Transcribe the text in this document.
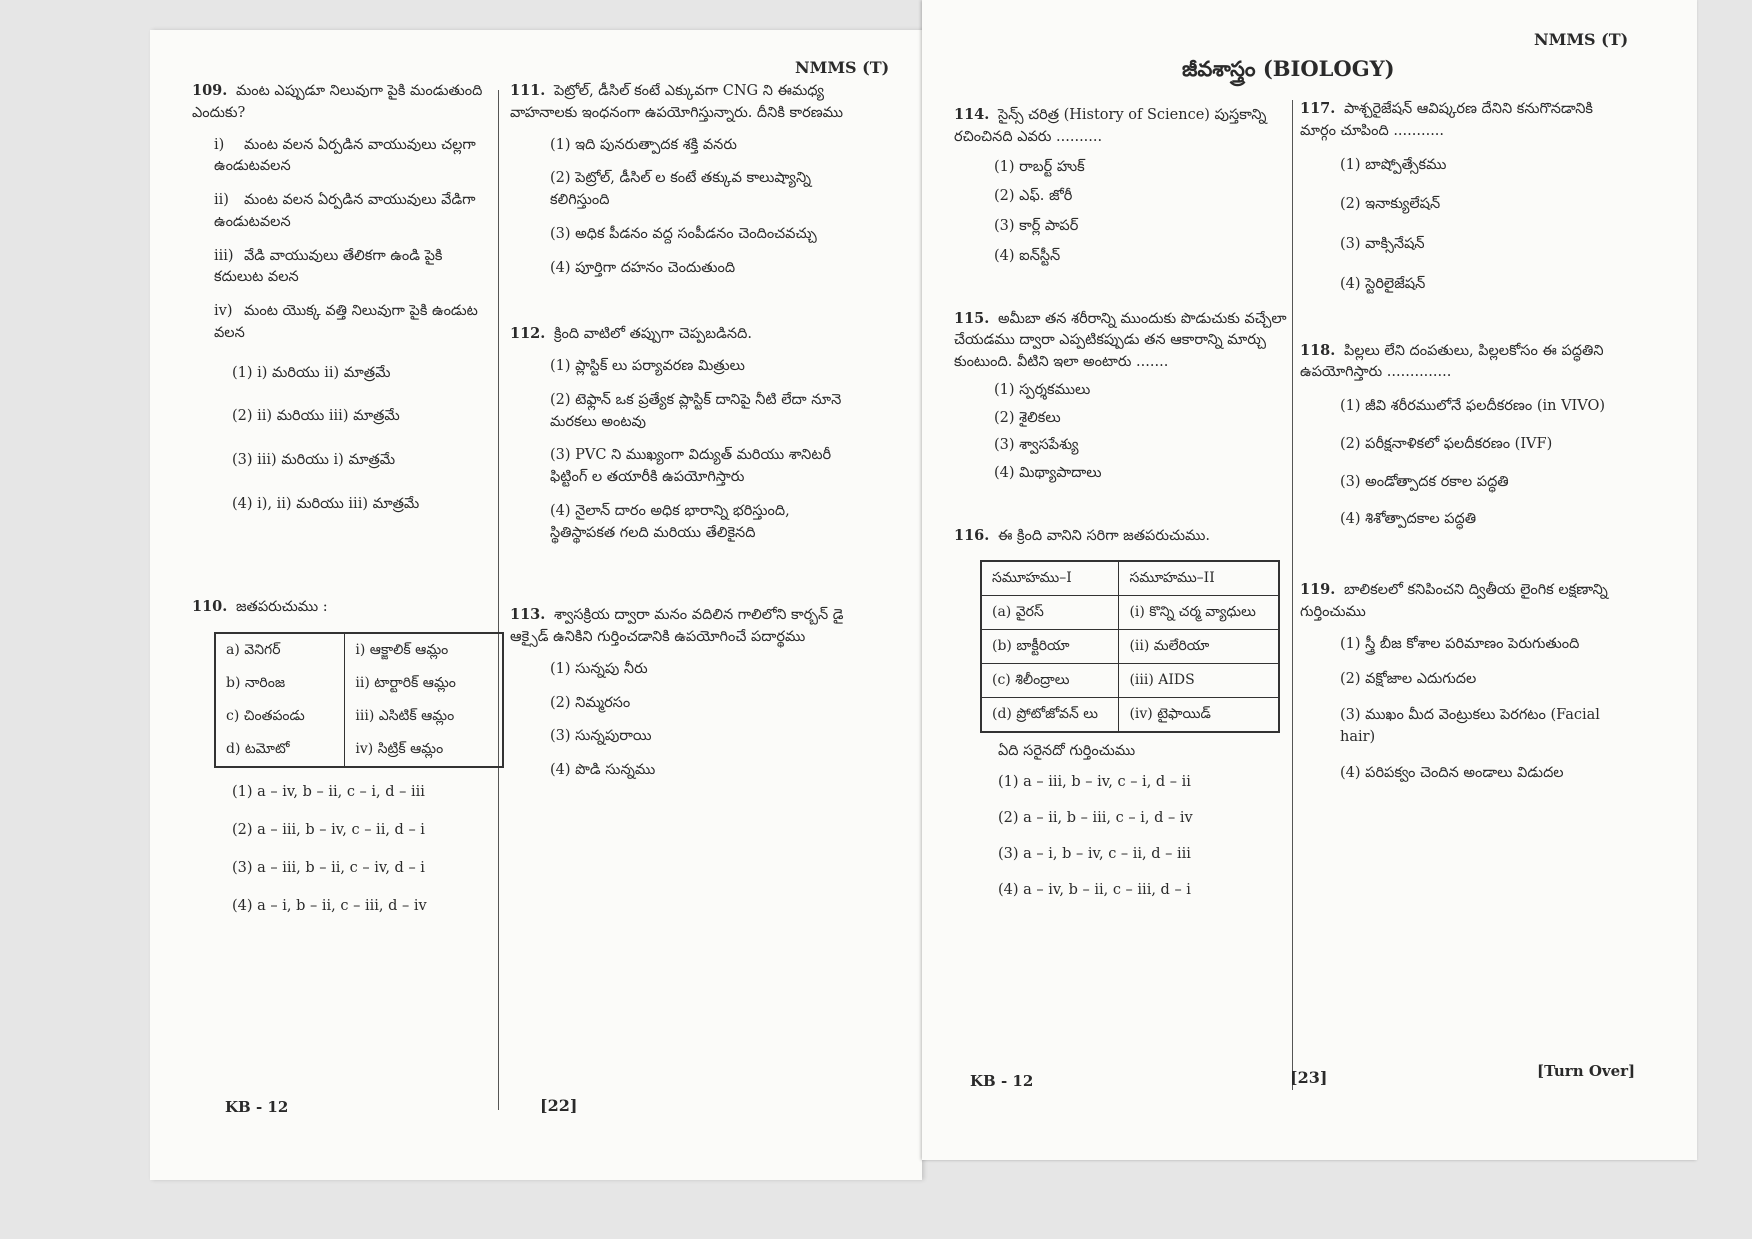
NMMS (T)
109. మంట ఎప్పుడూ నిలువుగా పైకి మండుతుంది ఎందుకు?
i) మంట వలన ఏర్పడిన వాయువులు చల్లగా ఉండుటవలన
ii) మంట వలన ఏర్పడిన వాయువులు వేడిగా ఉండుటవలన
iii) వేడి వాయువులు తేలికగా ఉండి పైకి కదులుట వలన
iv) మంట యొక్క వత్తి నిలువుగా పైకి ఉండుట వలన
(1) i) మరియు ii) మాత్రమే
(2) ii) మరియు iii) మాత్రమే
(3) iii) మరియు i) మాత్రమే
(4) i), ii) మరియు iii) మాత్రమే
110. జతపరుచుము :
a) వెనిగర్	i) ఆక్జాలిక్ ఆమ్లం
b) నారింజ	ii) టార్టారిక్ ఆమ్లం
c) చింతపండు	iii) ఎసిటిక్ ఆమ్లం
d) టమోటో	iv) సిట్రిక్ ఆమ్లం
(1) a – iv, b – ii, c – i, d – iii
(2) a – iii, b – iv, c – ii, d – i
(3) a – iii, b – ii, c – iv, d – i
(4) a – i, b – ii, c – iii, d – iv
111. పెట్రోల్, డీసిల్ కంటే ఎక్కువగా CNG ని ఈమధ్య వాహనాలకు ఇంధనంగా ఉపయోగిస్తున్నారు. దీనికి కారణము
(1) ఇది పునరుత్పాదక శక్తి వనరు
(2) పెట్రోల్, డీసిల్ ల కంటే తక్కువ కాలుష్యాన్ని కలిగిస్తుంది
(3) అధిక పీడనం వద్ద సంపీడనం చెందించవచ్చు
(4) పూర్తిగా దహనం చెందుతుంది
112. క్రింది వాటిలో తప్పుగా చెప్పబడినది.
(1) ప్లాస్టిక్ లు పర్యావరణ మిత్రులు
(2) టెఫ్లాన్ ఒక ప్రత్యేక ప్లాస్టిక్ దానిపై నీటి లేదా నూనె మరకలు అంటవు
(3) PVC ని ముఖ్యంగా విద్యుత్ మరియు శానిటరీ ఫిట్టింగ్ ల తయారీకి ఉపయోగిస్తారు
(4) నైలాన్ దారం అధిక భారాన్ని భరిస్తుంది, స్థితిస్థాపకత గలది మరియు తేలికైనది
113. శ్వాసక్రియ ద్వారా మనం వదిలిన గాలిలోని కార్బన్ డై ఆక్సైడ్ ఉనికిని గుర్తించడానికి ఉపయోగించే పదార్థము
(1) సున్నపు నీరు
(2) నిమ్మరసం
(3) సున్నపురాయి
(4) పొడి సున్నము
KB - 12	[22]
NMMS (T)
జీవశాస్త్రం (BIOLOGY)
114. సైన్స్ చరిత్ర (History of Science) పుస్తకాన్ని రచించినది ఎవరు ..........
(1) రాబర్ట్ హుక్
(2) ఎఫ్. జోరీ
(3) కార్ల్ పాపర్
(4) ఐన్‌స్టీన్
115. అమీబా తన శరీరాన్ని ముందుకు పొడుచుకు వచ్చేలా చేయడము ద్వారా ఎప్పటికప్పుడు తన ఆకారాన్ని మార్చు కుంటుంది. వీటిని ఇలా అంటారు .......
(1) స్పర్శకములు
(2) శైలికలు
(3) శ్వాసపేశ్యు
(4) మిథ్యాపాదాలు
116. ఈ క్రింది వానిని సరిగా జతపరుచుము.
సమూహము–I	సమూహము–II
(a) వైరస్	(i) కొన్ని చర్మ వ్యాధులు
(b) బాక్టీరియా	(ii) మలేరియా
(c) శిలీంద్రాలు	(iii) AIDS
(d) ప్రోటోజోవన్ లు	(iv) టైఫాయిడ్
ఏది సరైనదో గుర్తించుము
(1) a – iii, b – iv, c – i, d – ii
(2) a – ii, b – iii, c – i, d – iv
(3) a – i, b – iv, c – ii, d – iii
(4) a – iv, b – ii, c – iii, d – i
117. పాశ్చరైజేషన్ ఆవిష్కరణ దేనిని కనుగొనడానికి మార్గం చూపింది ...........
(1) బాష్పోత్సేకము
(2) ఇనాక్యులేషన్
(3) వాక్సినేషన్
(4) స్టెరిలైజేషన్
118. పిల్లలు లేని దంపతులు, పిల్లలకోసం ఈ పద్ధతిని ఉపయోగిస్తారు ..............
(1) జీవి శరీరములోనే ఫలదీకరణం (in VIVO)
(2) పరీక్షనాళికలో ఫలదీకరణం (IVF)
(3) అండోత్పాదక రకాల పద్ధతి
(4) శిశోత్పాదకాల పద్ధతి
119. బాలికలలో కనిపించని ద్వితీయ లైంగిక లక్షణాన్ని గుర్తించుము
(1) స్త్రీ బీజ కోశాల పరిమాణం పెరుగుతుంది
(2) వక్షోజాల ఎదుగుదల
(3) ముఖం మీద వెంట్రుకలు పెరగటం (Facial hair)
(4) పరిపక్వం చెందిన అండాలు విడుదల
KB - 12	[23]	[Turn Over]
